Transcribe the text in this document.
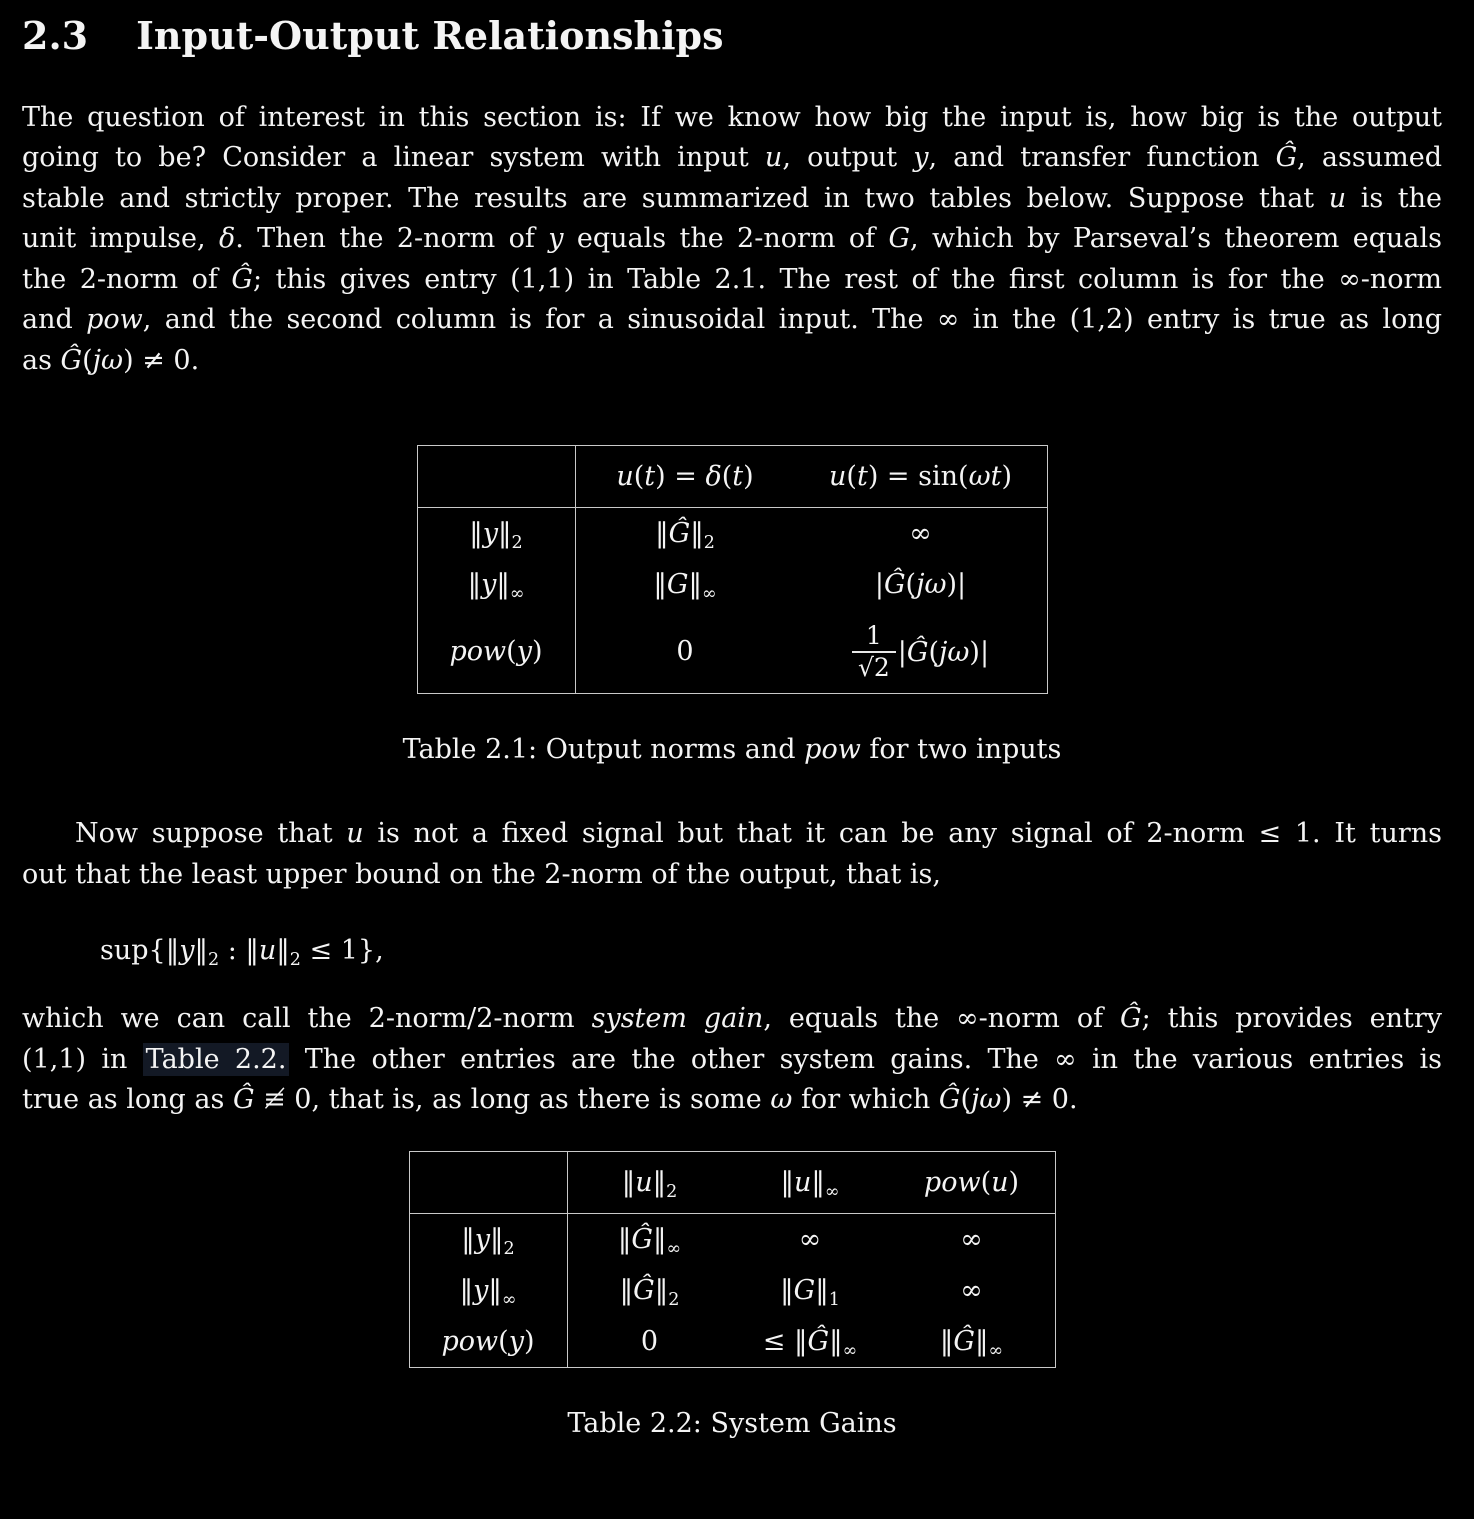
2.3 Input-Output Relationships
The question of interest in this section is: If we know how big the input is, how big is the output
going to be? Consider a linear system with input u, output y, and transfer function Ĝ, assumed
stable and strictly proper. The results are summarized in two tables below. Suppose that u is the
unit impulse, δ. Then the 2-norm of y equals the 2-norm of G, which by Parseval’s theorem equals
the 2-norm of Ĝ; this gives entry (1,1) in Table 2.1. The rest of the first column is for the ∞-norm
and pow, and the second column is for a sinusoidal input. The ∞ in the (1,2) entry is true as long
as Ĝ(jω) ≠ 0.
	u(t) = δ(t)	u(t) = sin(ωt)
$‖y‖_2$	$‖Ĝ‖_2$	∞
$‖y‖_\infty$	$‖G‖_\infty$	|Ĝ(jω)|
pow(y)	0	$\frac{1}{√2}$ |Ĝ(jω)|
Table 2.1: Output norms and pow for two inputs
Now suppose that u is not a fixed signal but that it can be any signal of 2-norm ≤ 1. It turns
out that the least upper bound on the 2-norm of the output, that is,
$sup\{‖y‖_2$ : $‖u‖_2 \le 1$},
which we can call the 2-norm/2-norm system gain, equals the ∞-norm of Ĝ; this provides entry
(1,1) in Table 2.2. The other entries are the other system gains. The ∞ in the various entries is
true as long as Ĝ ≢ 0, that is, as long as there is some ω for which Ĝ(jω) ≠ 0.
	$‖u‖_2$	$‖u‖_\infty$	pow(u)
$‖y‖_2$	$‖Ĝ‖_\infty$	∞	∞
$‖y‖_\infty$	$‖Ĝ‖_2$	$‖G‖_1$	∞
pow(y)	0	≤ $‖Ĝ‖_\infty$	$‖Ĝ‖_\infty$
Table 2.2: System Gains
